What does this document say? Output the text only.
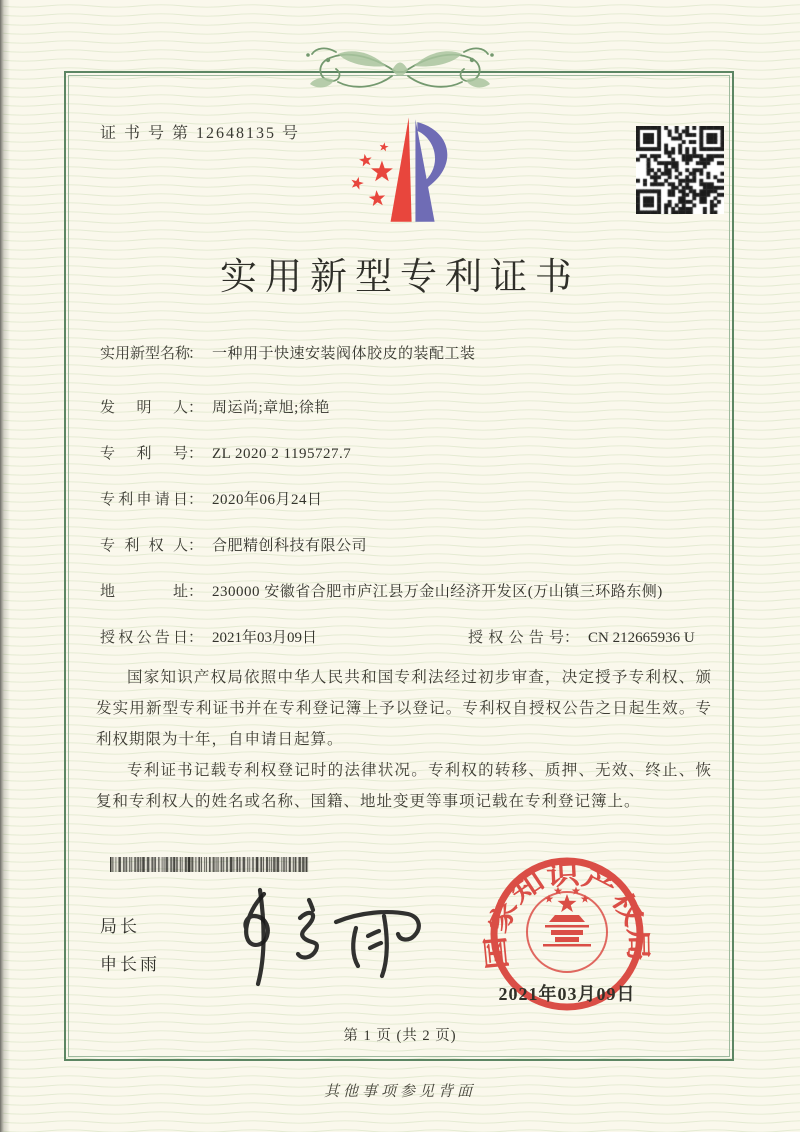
证 书 号 第 12648135 号
实用新型专利证书
实用新型名称： 一种用于快速安装阀体胶皮的装配工装
发明人： 周运尚;章旭;徐艳
专利号： ZL 2020 2 1195727.7
专利申请日： 2020年06月24日
专利权人： 合肥精创科技有限公司
地址： 230000 安徽省合肥市庐江县万金山经济开发区(万山镇三环路东侧)
授权公告日： 2021年03月09日	授权公告号： CN 212665936 U

国家知识产权局依照中华人民共和国专利法经过初步审查，决定授予专利权、颁发实用新型专利证书并在专利登记簿上予以登记。专利权自授权公告之日起生效。专利权期限为十年，自申请日起算。

专利证书记载专利权登记时的法律状况。专利权的转移、质押、无效、终止、恢复和专利权人的姓名或名称、国籍、地址变更等事项记载在专利登记簿上。

局长
申长雨	国家知识产权局
2021年03月09日
第 1 页 (共 2 页)
其他事项参见背面
